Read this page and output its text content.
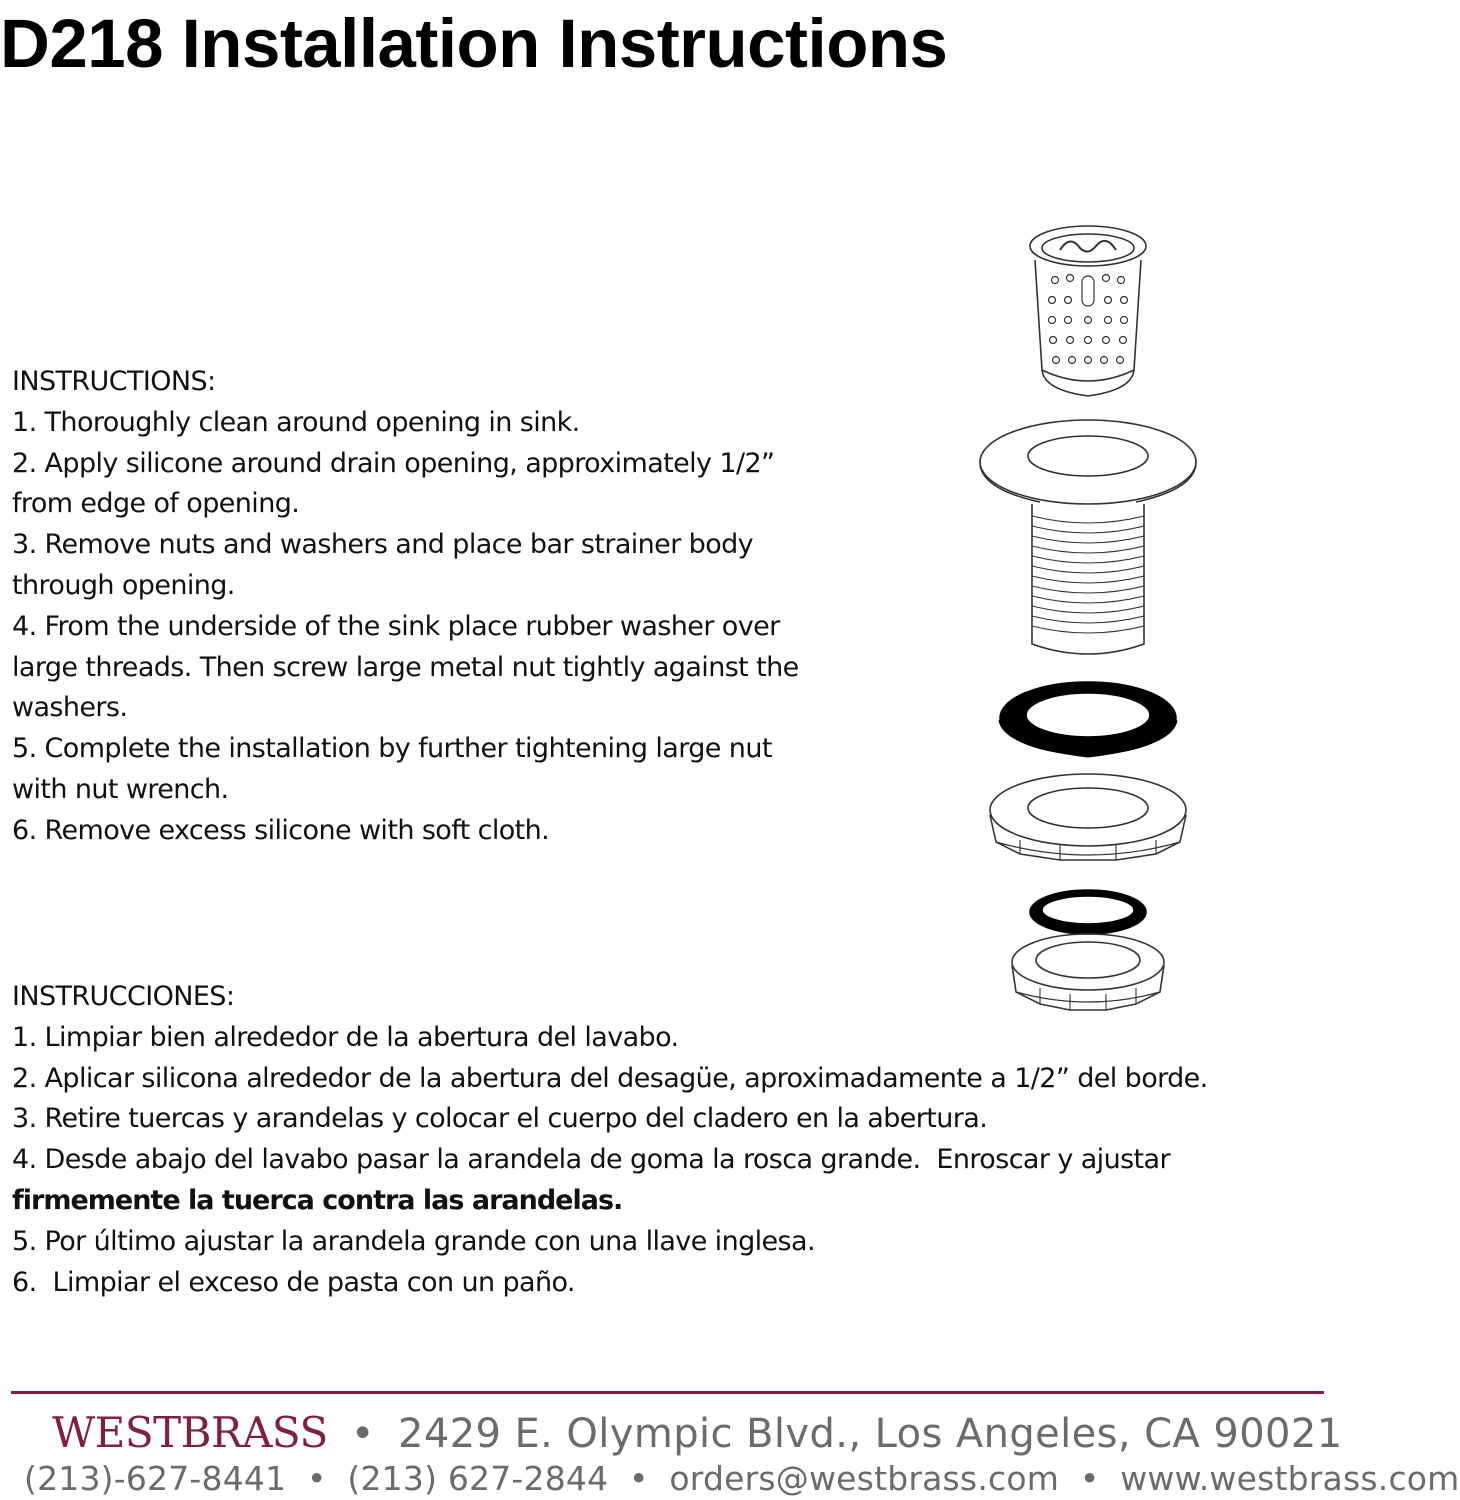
D218 Installation Instructions

INSTRUCTIONS:

1. Thoroughly clean around opening in sink.

2. Apply silicone around drain opening, approximately 1/2”

from edge of opening.

3. Remove nuts and washers and place bar strainer body

through opening.

4. From the underside of the sink place rubber washer over

large threads. Then screw large metal nut tightly against the

washers.

5. Complete the installation by further tightening large nut

with nut wrench.

6. Remove excess silicone with soft cloth.

INSTRUCCIONES:

1. Limpiar bien alrededor de la abertura del lavabo.

2. Aplicar silicona alrededor de la abertura del desagüe, aproximadamente a 1/2” del borde.

3. Retire tuercas y arandelas y colocar el cuerpo del cladero en la abertura.

4. Desde abajo del lavabo pasar la arandela de goma la rosca grande.  Enroscar y ajustar

firmemente la tuerca contra las arandelas.

5. Por último ajustar la arandela grande con una llave inglesa.

6.  Limpiar el exceso de pasta con un paño.

WESTBRASS • 2429 E. Olympic Blvd., Los Angeles, CA 90021
(213)-627-8441 • (213) 627-2844 • orders@westbrass.com • www.westbrass.com
